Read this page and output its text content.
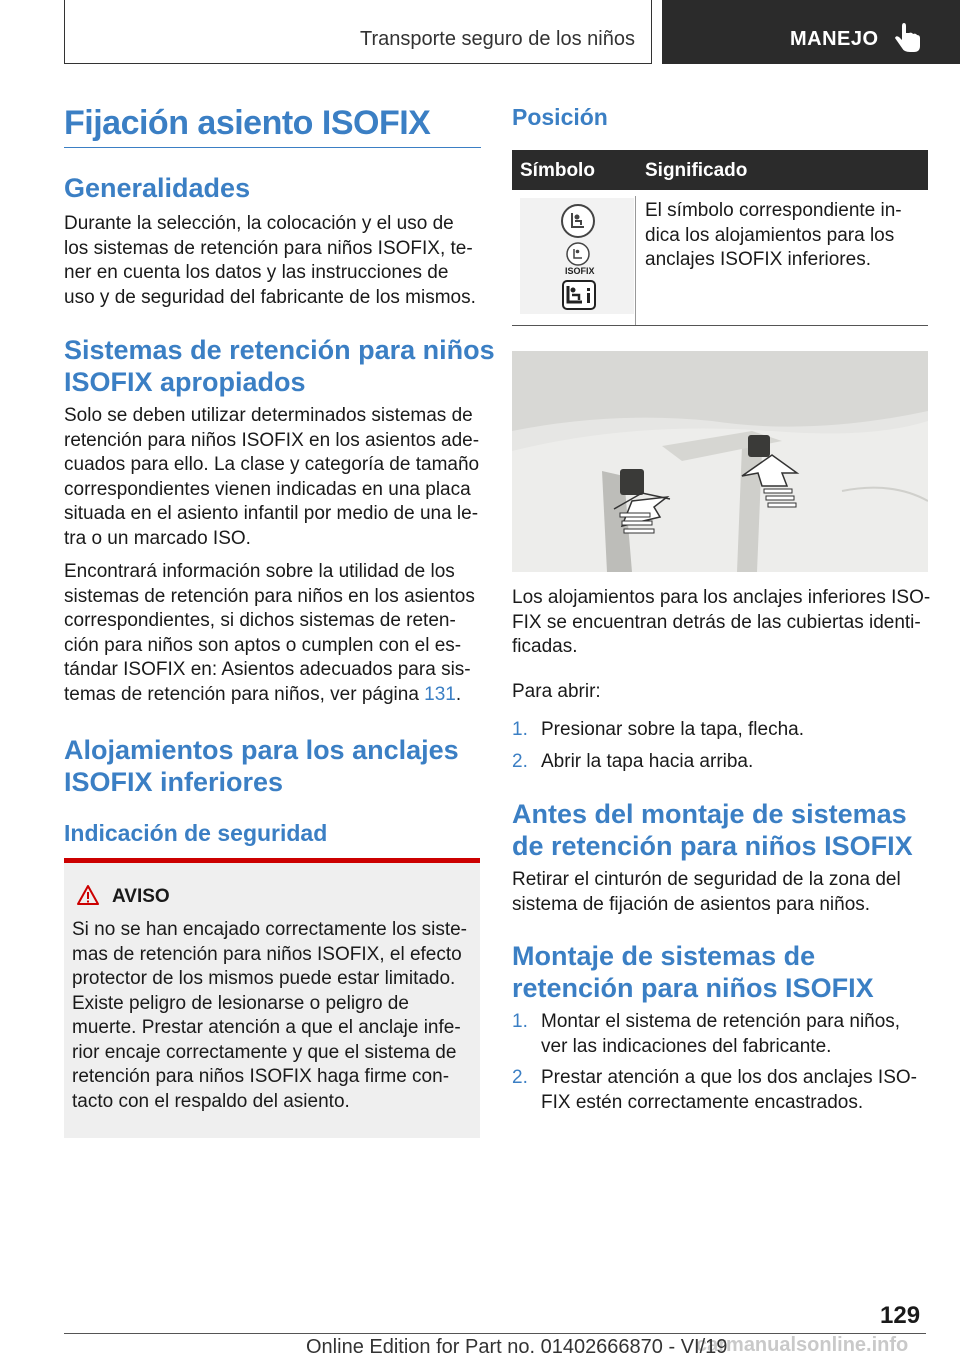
Transporte seguro de los niños	MANEJO
Fijación asiento ISOFIX
Generalidades
Durante la selección, la colocación y el uso de
los sistemas de retención para niños ISOFIX, te‐
ner en cuenta los datos y las instrucciones de
uso y de seguridad del fabricante de los mismos.
Sistemas de retención para niños
ISOFIX apropiados
Solo se deben utilizar determinados sistemas de
retención para niños ISOFIX en los asientos ade‐
cuados para ello. La clase y categoría de tamaño
correspondientes vienen indicadas en una placa
situada en el asiento infantil por medio de una le‐
tra o un marcado ISO.
Encontrará información sobre la utilidad de los
sistemas de retención para niños en los asientos
correspondientes, si dichos sistemas de reten‐
ción para niños son aptos o cumplen con el es‐
tándar ISOFIX en: Asientos adecuados para sis‐
temas de retención para niños, ver página 131.
Alojamientos para los anclajes
ISOFIX inferiores
Indicación de seguridad
AVISO
Si no se han encajado correctamente los siste‐
mas de retención para niños ISOFIX, el efecto
protector de los mismos puede estar limitado.
Existe peligro de lesionarse o peligro de
muerte. Prestar atención a que el anclaje infe‐
rior encaje correctamente y que el sistema de
retención para niños ISOFIX haga firme con‐
tacto con el respaldo del asiento.
Posición
Símbolo	Significado
ISOFIX
El símbolo correspondiente in‐
dica los alojamientos para los
anclajes ISOFIX inferiores.
Los alojamientos para los anclajes inferiores ISO‐
FIX se encuentran detrás de las cubiertas identi‐
ficadas.
Para abrir:
1. Presionar sobre la tapa, flecha.
2. Abrir la tapa hacia arriba.
Antes del montaje de sistemas
de retención para niños ISOFIX
Retirar el cinturón de seguridad de la zona del
sistema de fijación de asientos para niños.
Montaje de sistemas de
retención para niños ISOFIX
1. Montar el sistema de retención para niños,
ver las indicaciones del fabricante.
2. Prestar atención a que los dos anclajes ISO‐
FIX estén correctamente encastrados.
129
carmanualsonline.info
Online Edition for Part no. 01402666870 - VI/19
